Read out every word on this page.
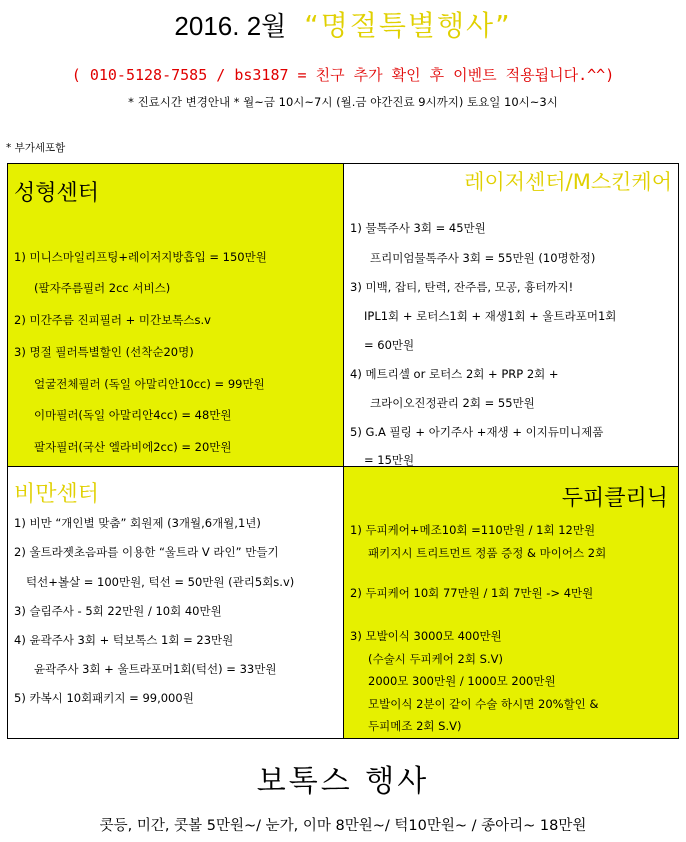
2016. 2월 “명절특별행사”
( 010-5128-7585 / bs3187 = 친구 추가 확인 후 이벤트 적용됩니다.^^)
* 진료시간 변경안내 * 월~금 10시~7시 (월.금 야간진료 9시까지) 토요일 10시~3시
* 부가세포함
성형센터
1) 미니스마일리프팅+레이저지방흡입 = 150만원
(팔자주름필러 2cc 서비스)
2) 미간주름 진피필러 + 미간보톡스s.v
3) 명절 필러특별할인 (선착순20명)
얼굴전체필러 (독일 아말리안10cc) = 99만원
이마필러(독일 아말리안4cc) = 48만원
팔자필러(국산 엘라비에2cc) = 20만원
레이저센터/M스킨케어
1) 물톡주사 3회 = 45만원
프리미엄물톡주사 3회 = 55만원 (10명한정)
3) 미백, 잡티, 탄력, 잔주름, 모공, 흉터까지!
IPL1회 + 로터스1회 + 재생1회 + 울트라포머1회
= 60만원
4) 메트리셀 or 로터스 2회 + PRP 2회 +
크라이오진정관리 2회 = 55만원
5) G.A 필링 + 아기주사 +재생 + 이지듀미니제품
= 15만원
비만센터
1) 비만 “개인별 맞춤” 회원제 (3개월,6개월,1년)
2) 울트라젯초음파를 이용한 “울트라 V 라인” 만들기
턱선+볼살 = 100만원, 턱선 = 50만원 (관리5회s.v)
3) 슬림주사 - 5회 22만원 / 10회 40만원
4) 윤곽주사 3회 + 턱보톡스 1회 = 23만원
윤곽주사 3회 + 울트라포머1회(턱선) = 33만원
5) 카복시 10회패키지 = 99,000원
두피클리닉
1) 두피케어+메조10회 =110만원 / 1회 12만원
패키지시 트리트먼트 정품 증정 & 마이어스 2회
2) 두피케어 10회 77만원 / 1회 7만원 -> 4만원
3) 모발이식 3000모 400만원
(수술시 두피케어 2회 S.V)
2000모 300만원 / 1000모 200만원
모발이식 2분이 같이 수술 하시면 20%할인 &
두피메조 2회 S.V)
보톡스 행사
콧등, 미간, 콧볼 5만원~/ 눈가, 이마 8만원~/ 턱10만원~ / 종아리~ 18만원
